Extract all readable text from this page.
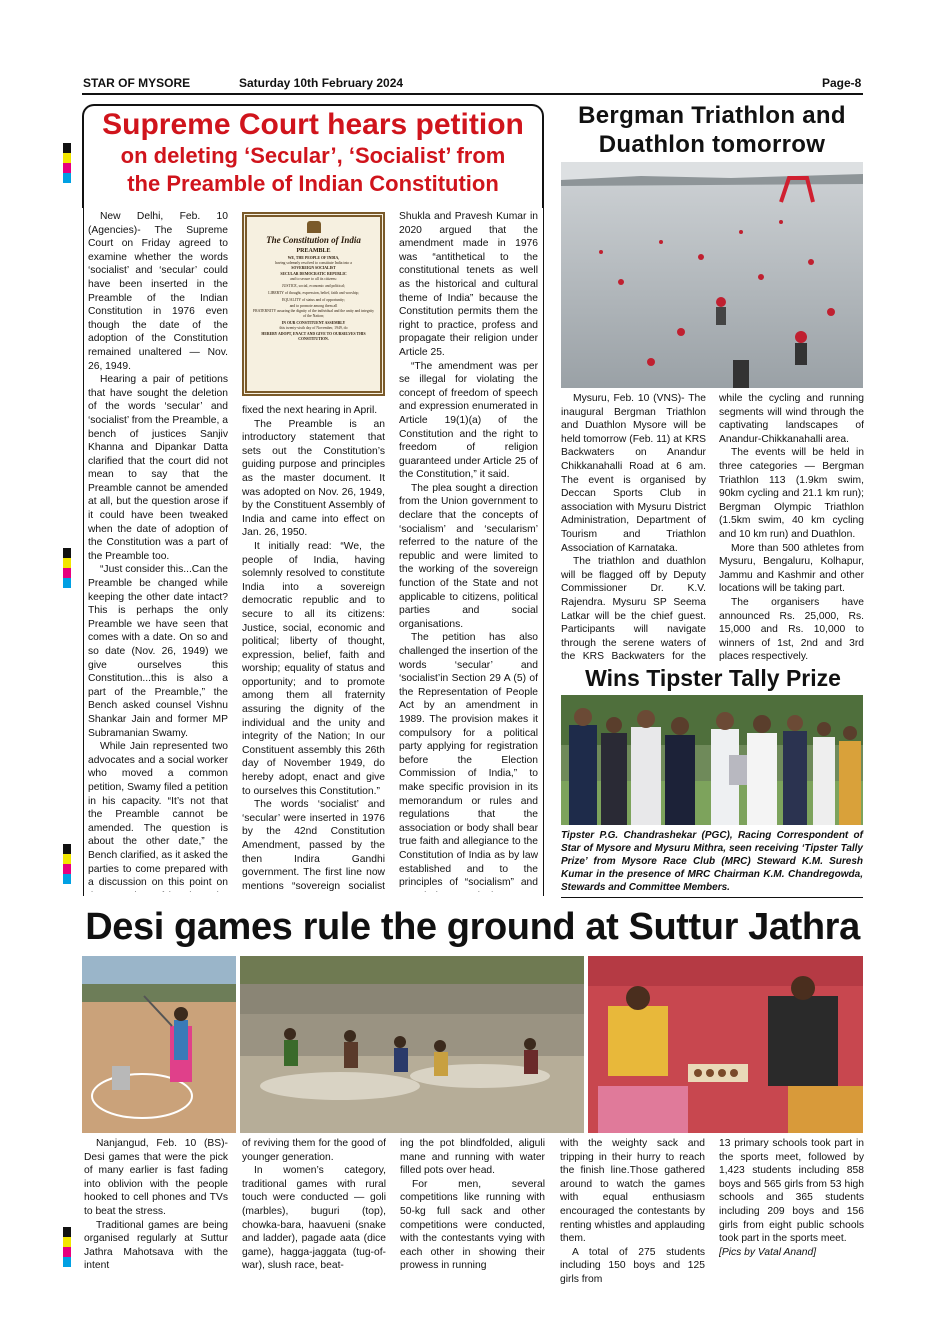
STAR OF MYSORE	Saturday 10th February 2024	Page-8
Supreme Court hears petition
on deleting ‘Secular’, ‘Socialist’ from
the Preamble of Indian Constitution

New Delhi, Feb. 10 (Agencies)- The Supreme Court on Friday agreed to examine whether the words ‘socialist’ and ‘secular’ could have been inserted in the Preamble of the Indian Constitution in 1976 even though the date of the adoption of the Constitution remained unaltered — Nov. 26, 1949.

Hearing a pair of petitions that have sought the deletion of the words ‘secular’ and ‘socialist’ from the Preamble, a bench of justices Sanjiv Khanna and Dipankar Datta clarified that the court did not mean to say that the Preamble cannot be amended at all, but the question arose if it could have been tweaked when the date of adoption of the Constitution was a part of the Preamble too.

“Just consider this...Can the Preamble be changed while keeping the other date intact? This is perhaps the only Preamble we have seen that comes with a date. On so and so date (Nov. 26, 1949) we give ourselves this Constitution...this is also a part of the Preamble,” the Bench asked counsel Vishnu Shankar Jain and former MP Subramanian Swamy.

While Jain represented two advocates and a social worker who moved a common petition, Swamy filed a petition in his capacity. “It’s not that the Preamble cannot be amended. The question is about the other date,” the Bench clarified, as it asked the parties to come prepared with a discussion on this point on

The Constitution of India
PREAMBLE
WE, THE PEOPLE OF INDIA,
having solemnly resolved to constitute India into a
SOVEREIGN SOCIALIST
SECULAR DEMOCRATIC REPUBLIC
and to secure to all its citizens:
JUSTICE, social, economic and political;
LIBERTY of thought, expression, belief, faith and worship;
EQUALITY of status and of opportunity;
and to promote among them all
FRATERNITY assuring the dignity of the individual and the unity and integrity of the Nation;
IN OUR CONSTITUENT ASSEMBLY
this twenty-sixth day of November, 1949, do
HEREBY ADOPT, ENACT AND GIVE TO OURSELVES THIS CONSTITUTION.

fixed the next hearing in April.

The Preamble is an introductory statement that sets out the Constitution’s guiding purpose and principles as the master document. It was adopted on Nov. 26, 1949, by the Constituent Assembly of India and came into effect on Jan. 26, 1950.

It initially read: “We, the people of India, having solemnly resolved to constitute India into a sovereign democratic republic and to secure to all its citizens: Justice, social, economic and political; liberty of thought, expression, belief, faith and worship; equality of status and opportunity; and to promote among them all fraternity assuring the dignity of the individual and the unity and integrity of the Nation; In our Constituent assembly this 26th day of November 1949, do hereby adopt, enact and give to ourselves this Constitution.”

The words ‘socialist’ and ‘secular’ were inserted in 1976 by the 42nd Constitution Amendment, passed by the then Indira Gandhi government. The first line now mentions “sovereign socialist

Shukla and Pravesh Kumar in 2020 argued that the amendment made in 1976 was “antithetical to the constitutional tenets as well as the historical and cultural theme of India” because the Constitution permits them the right to practice, profess and propagate their religion under Article 25.

“The amendment was per se illegal for violating the concept of freedom of speech and expression enumerated in Article 19(1)(a) of the Constitution and the right to freedom of religion guaranteed under Article 25 of the Constitution,” it said.

The plea sought a direction from the Union government to declare that the concepts of ‘socialism’ and ‘secularism’ referred to the nature of the republic and were limited to the working of the sovereign function of the State and not applicable to citizens, political parties and social organisations.

The petition has also challenged the insertion of the words ‘secular’ and ‘socialist’in Section 29 A (5) of the Representation of People Act by an amendment in 1989. The provision makes it compulsory for a political party applying for registration before the Election Commission of India,” to make specific provision in its memorandum or rules and regulations that the association or body shall bear true faith and allegiance to the Constitution of India as by law established and to the principles of “socialism” and

Bergman Triathlon and
Duathlon tomorrow

Mysuru, Feb. 10 (VNS)- The inaugural Bergman Triathlon and Duathlon Mysore will be held tomorrow (Feb. 11) at KRS Backwaters on Anandur Chikkanahalli Road at 6 am. The event is organised by Deccan Sports Club in association with Mysuru District Administration, Department of Tourism and Triathlon Association of Karnataka.

The triathlon and duathlon will be flagged off by Deputy Commissioner Dr. K.V. Rajendra. Mysuru SP Seema Latkar will be the chief guest. Participants will navigate through the serene waters of the KRS Backwaters for the

while the cycling and running segments will wind through the captivating landscapes of Anandur-Chikkanahalli area.

The events will be held in three categories — Bergman Triathlon 113 (1.9km swim, 90km cycling and 21.1 km run); Bergman Olympic Triathlon (1.5km swim, 40 km cycling and 10 km run) and Duathlon.

More than 500 athletes from Mysuru, Bengaluru, Kolhapur, Jammu and Kashmir and other locations will be taking part.

The organisers have announced Rs. 25,000, Rs. 15,000 and Rs. 10,000 to winners of 1st, 2nd and 3rd places respectively.

Wins Tipster Tally Prize
Tipster P.G. Chandrashekar (PGC), Racing Correspondent of Star of Mysore and Mysuru Mithra, seen receiving ‘Tipster Tally Prize’ from Mysore Race Club (MRC) Steward K.M. Suresh Kumar in the presence of MRC Chairman K.M. Chandregowda, Stewards and Committee Members.
Desi games rule the ground at Suttur Jathra

Nanjangud, Feb. 10 (BS)- Desi games that were the pick of many earlier is fast fading into oblivion with the people hooked to cell phones and TVs to beat the stress.

Traditional games are being organised regularly at Suttur Jathra Mahotsava with the intent

of reviving them for the good of younger generation.

In women’s category, traditional games with rural touch were conducted — goli (marbles), buguri (top), chowka-bara, haavueni (snake and ladder), pagade aata (dice game), hagga-jaggata (tug-of-war), slush race, beat-

ing the pot blindfolded, aliguli mane and running with water filled pots over head.

For men, several competitions like running with 50-kg full sack and other competitions were conducted, with the contestants vying with each other in showing their prowess in running

with the weighty sack and tripping in their hurry to reach the finish line.Those gathered around to watch the games with equal enthusiasm encouraged the contestants by renting whistles and applauding them.

A total of 275 students including 150 boys and 125 girls from

13 primary schools took part in the sports meet, followed by 1,423 students including 858 boys and 565 girls from 53 high schools and 365 students including 209 boys and 156 girls from eight public schools took part in the sports meet.

[Pics by Vatal Anand]
